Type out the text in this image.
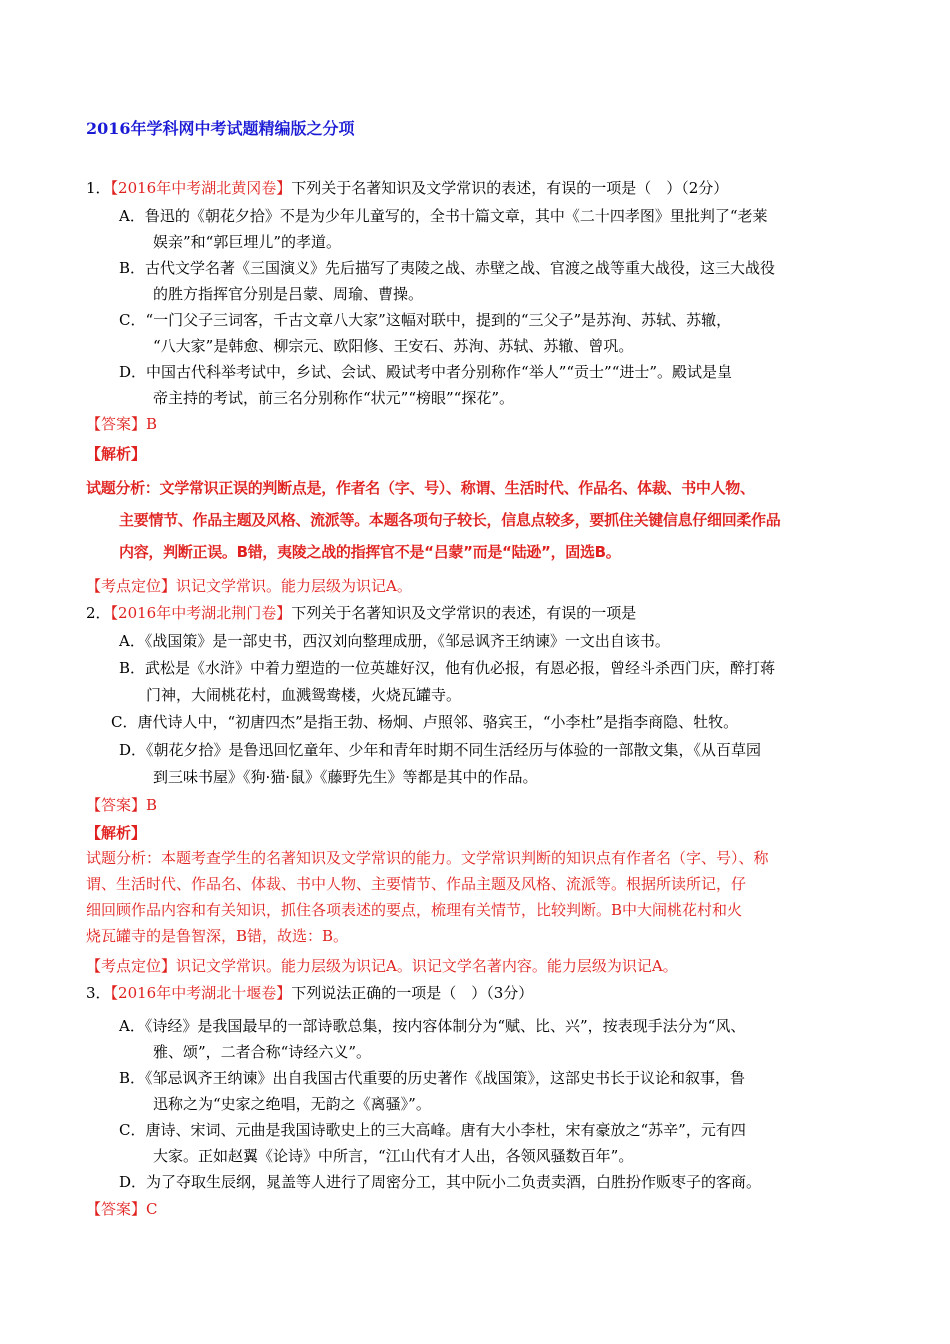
2016年学科网中考试题精编版之分项
1．【2016年中考湖北黄冈卷】下列关于名著知识及文学常识的表述，有误的一项是（　）（2分）
A．鲁迅的《朝花夕拾》不是为少年儿童写的，全书十篇文章，其中《二十四孝图》里批判了“老莱
娱亲”和“郭巨埋儿”的孝道。
B．古代文学名著《三国演义》先后描写了夷陵之战、赤壁之战、官渡之战等重大战役，这三大战役
的胜方指挥官分别是吕蒙、周瑜、曹操。
C．“一门父子三词客，千古文章八大家”这幅对联中，提到的“三父子”是苏洵、苏轼、苏辙，
“八大家”是韩愈、柳宗元、欧阳修、王安石、苏洵、苏轼、苏辙、曾巩。
D．中国古代科举考试中，乡试、会试、殿试考中者分别称作“举人”“贡士”“进士”。殿试是皇
帝主持的考试，前三名分别称作“状元”“榜眼”“探花”。
【答案】B
【解析】
试题分析：文学常识正误的判断点是，作者名（字、号）、称谓、生活时代、作品名、体裁、书中人物、
主要情节、作品主题及风格、流派等。本题各项句子较长，信息点较多，要抓住关键信息仔细回柔作品
内容，判断正误。B错，夷陵之战的指挥官不是“吕蒙”而是“陆逊”，固选B。
【考点定位】识记文学常识。能力层级为识记A。
2．【2016年中考湖北荆门卷】下列关于名著知识及文学常识的表述，有误的一项是
A．《战国策》是一部史书，西汉刘向整理成册，《邹忌讽齐王纳谏》一文出自该书。
B．武松是《水浒》中着力塑造的一位英雄好汉，他有仇必报，有恩必报，曾经斗杀西门庆，醉打蒋
门神，大闹桃花村，血溅鸳鸯楼，火烧瓦罐寺。
C．唐代诗人中，“初唐四杰”是指王勃、杨炯、卢照邻、骆宾王，“小李杜”是指李商隐、牡牧。
D．《朝花夕拾》是鲁迅回忆童年、少年和青年时期不同生活经历与体验的一部散文集，《从百草园
到三味书屋》《狗·猫·鼠》《藤野先生》等都是其中的作品。
【答案】B
【解析】
试题分析：本题考查学生的名著知识及文学常识的能力。文学常识判断的知识点有作者名（字、号）、称
谓、生活时代、作品名、体裁、书中人物、主要情节、作品主题及风格、流派等。根据所读所记，仔
细回顾作品内容和有关知识，抓住各项表述的要点，梳理有关情节，比较判断。B中大闹桃花村和火
烧瓦罐寺的是鲁智深，B错，故选：B。
【考点定位】识记文学常识。能力层级为识记A。识记文学名著内容。能力层级为识记A。
3．【2016年中考湖北十堰卷】下列说法正确的一项是（　）（3分）
A．《诗经》是我国最早的一部诗歌总集，按内容体制分为“赋、比、兴”，按表现手法分为“风、
雅、颂”，二者合称“诗经六义”。
B．《邹忌讽齐王纳谏》出自我国古代重要的历史著作《战国策》，这部史书长于议论和叙事，鲁
迅称之为“史家之绝唱，无韵之《离骚》”。
C．唐诗、宋词、元曲是我国诗歌史上的三大高峰。唐有大小李杜，宋有豪放之“苏辛”，元有四
大家。正如赵翼《论诗》中所言，“江山代有才人出，各领风骚数百年”。
D．为了夺取生辰纲，晁盖等人进行了周密分工，其中阮小二负责卖酒，白胜扮作贩枣子的客商。
【答案】C
